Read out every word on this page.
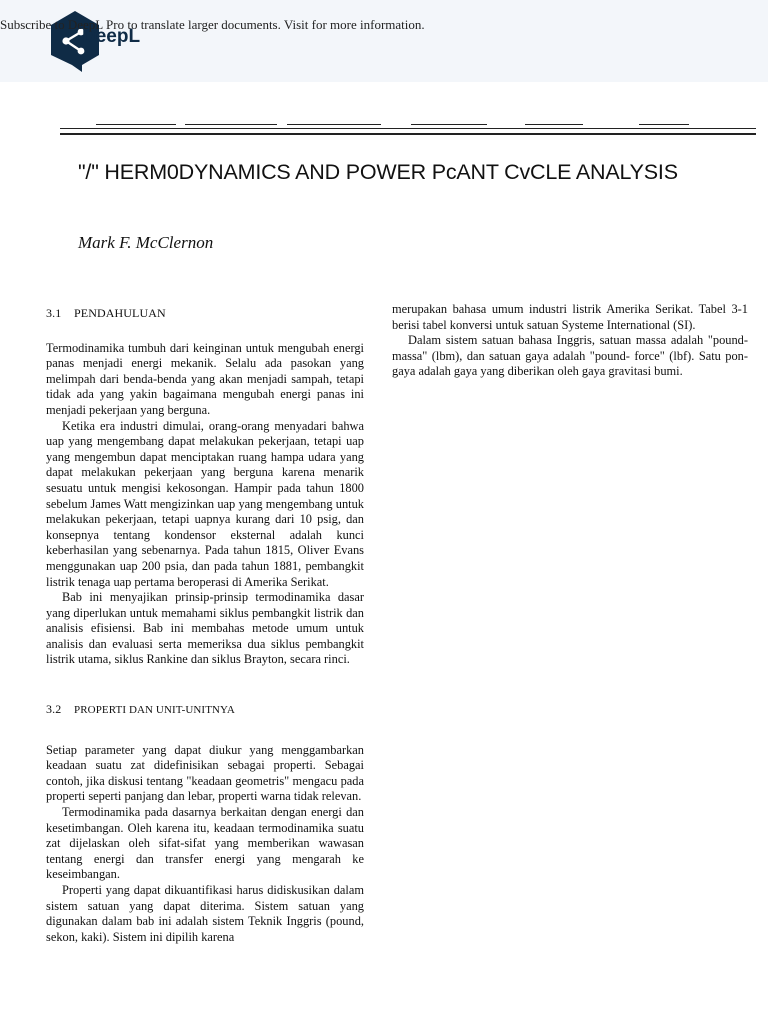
DeepL
Subscribe to DeepL Pro to translate larger documents. Visit for more information.
"/" HERM0DYNAMICS AND POWER PcANT CvCLE ANALYSIS
Mark F. McClernon
3.1 PENDAHULUAN

Termodinamika tumbuh dari keinginan untuk mengubah energi panas menjadi energi mekanik. Selalu ada pasokan yang melimpah dari benda-benda yang akan menjadi sampah, tetapi tidak ada yang yakin bagaimana mengubah energi panas ini menjadi pekerjaan yang berguna.

Ketika era industri dimulai, orang-orang menyadari bahwa uap yang mengembang dapat melakukan pekerjaan, tetapi uap yang mengembun dapat menciptakan ruang hampa udara yang dapat melakukan pekerjaan yang berguna karena menarik sesuatu untuk mengisi kekosongan. Hampir pada tahun 1800 sebelum James Watt mengizinkan uap yang mengembang untuk melakukan pekerjaan, tetapi uapnya kurang dari 10 psig, dan konsepnya tentang kondensor eksternal adalah kunci keberhasilan yang sebenarnya. Pada tahun 1815, Oliver Evans menggunakan uap 200 psia, dan pada tahun 1881, pembangkit listrik tenaga uap pertama beroperasi di Amerika Serikat.

Bab ini menyajikan prinsip-prinsip termodinamika dasar yang diperlukan untuk memahami siklus pembangkit listrik dan analisis efisiensi. Bab ini membahas metode umum untuk analisis dan evaluasi serta memeriksa dua siklus pembangkit listrik utama, siklus Rankine dan siklus Brayton, secara rinci.

3.2 PROPERTI DAN UNIT-UNITNYA

Setiap parameter yang dapat diukur yang menggambarkan keadaan suatu zat didefinisikan sebagai properti. Sebagai contoh, jika diskusi tentang "keadaan geometris" mengacu pada properti seperti panjang dan lebar, properti warna tidak relevan.

Termodinamika pada dasarnya berkaitan dengan energi dan kesetimbangan. Oleh karena itu, keadaan termodinamika suatu zat dijelaskan oleh sifat-sifat yang memberikan wawasan tentang energi dan transfer energi yang mengarah ke keseimbangan.

Properti yang dapat dikuantifikasi harus didiskusikan dalam sistem satuan yang dapat diterima. Sistem satuan yang digunakan dalam bab ini adalah sistem Teknik Inggris (pound, sekon, kaki). Sistem ini dipilih karena

merupakan bahasa umum industri listrik Amerika Serikat. Tabel 3-1 berisi tabel konversi untuk satuan Systeme International (SI).

Dalam sistem satuan bahasa Inggris, satuan massa adalah "pound-massa" (lbm), dan satuan gaya adalah "pound- force" (lbf). Satu pon-gaya adalah gaya yang diberikan oleh gaya gravitasi bumi.
